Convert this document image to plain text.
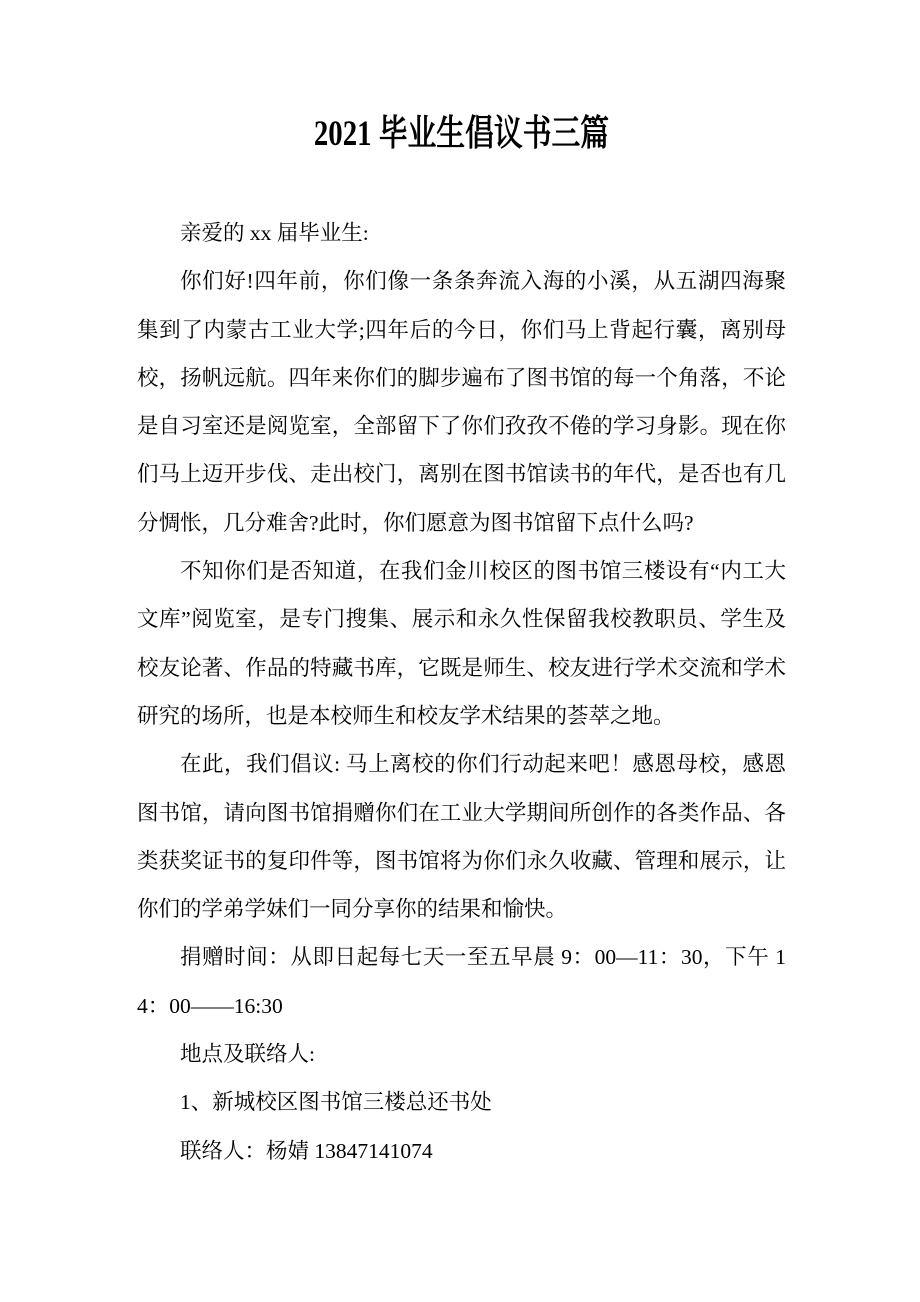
2021 毕业生倡议书三篇

亲爱的 xx 届毕业生:

你们好!四年前，你们像一条条奔流入海的小溪，从五湖四海聚集到了内蒙古工业大学;四年后的今日，你们马上背起行囊，离别母校，扬帆远航。四年来你们的脚步遍布了图书馆的每一个角落，不论是自习室还是阅览室，全部留下了你们孜孜不倦的学习身影。现在你们马上迈开步伐、走出校门，离别在图书馆读书的年代，是否也有几分惆怅，几分难舍?此时，你们愿意为图书馆留下点什么吗?

不知你们是否知道，在我们金川校区的图书馆三楼设有“内工大文库”阅览室，是专门搜集、展示和永久性保留我校教职员、学生及校友论著、作品的特藏书库，它既是师生、校友进行学术交流和学术研究的场所，也是本校师生和校友学术结果的荟萃之地。

在此，我们倡议: 马上离校的你们行动起来吧！感恩母校，感恩图书馆，请向图书馆捐赠你们在工业大学期间所创作的各类作品、各类获奖证书的复印件等，图书馆将为你们永久收藏、管理和展示，让你们的学弟学妹们一同分享你的结果和愉快。

捐赠时间：从即日起每七天一至五早晨 9：00—11：30，下午 14：00——16:30

地点及联络人:

1、新城校区图书馆三楼总还书处

联络人：杨婧 13847141074
